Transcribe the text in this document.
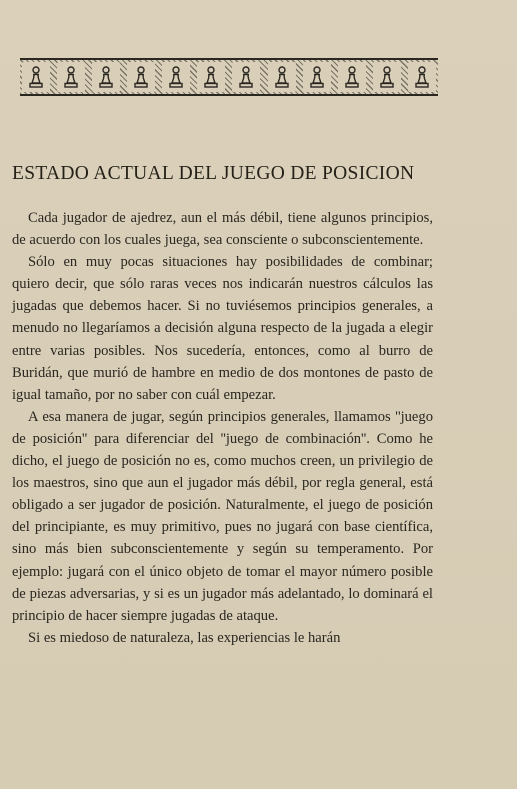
ESTADO ACTUAL DEL JUEGO DE POSICION

Cada jugador de ajedrez, aun el más débil, tiene algunos principios, de acuerdo con los cuales juega, sea consciente o subconscientemente.

Sólo en muy pocas situaciones hay posibilidades de combinar; quiero decir, que sólo raras veces nos indicarán nuestros cálculos las jugadas que debemos hacer. Si no tuviésemos principios generales, a menudo no llegaríamos a decisión alguna respecto de la jugada a elegir entre varias posibles. Nos sucedería, entonces, como al burro de Buridán, que murió de hambre en medio de dos montones de pasto de igual tamaño, por no saber con cuál empezar.

A esa manera de jugar, según principios generales, llamamos ''juego de posición'' para diferenciar del ''juego de combinación''. Como he dicho, el juego de posición no es, como muchos creen, un privilegio de los maestros, sino que aun el jugador más débil, por regla general, está obligado a ser jugador de posición. Naturalmente, el juego de posición del principiante, es muy primitivo, pues no jugará con base científica, sino más bien subconscientemente y según su temperamento. Por ejemplo: jugará con el único objeto de tomar el mayor número posible de piezas adversarias, y si es un jugador más adelantado, lo dominará el principio de hacer siempre jugadas de ataque.

Si es miedoso de naturaleza, las experiencias le harán
